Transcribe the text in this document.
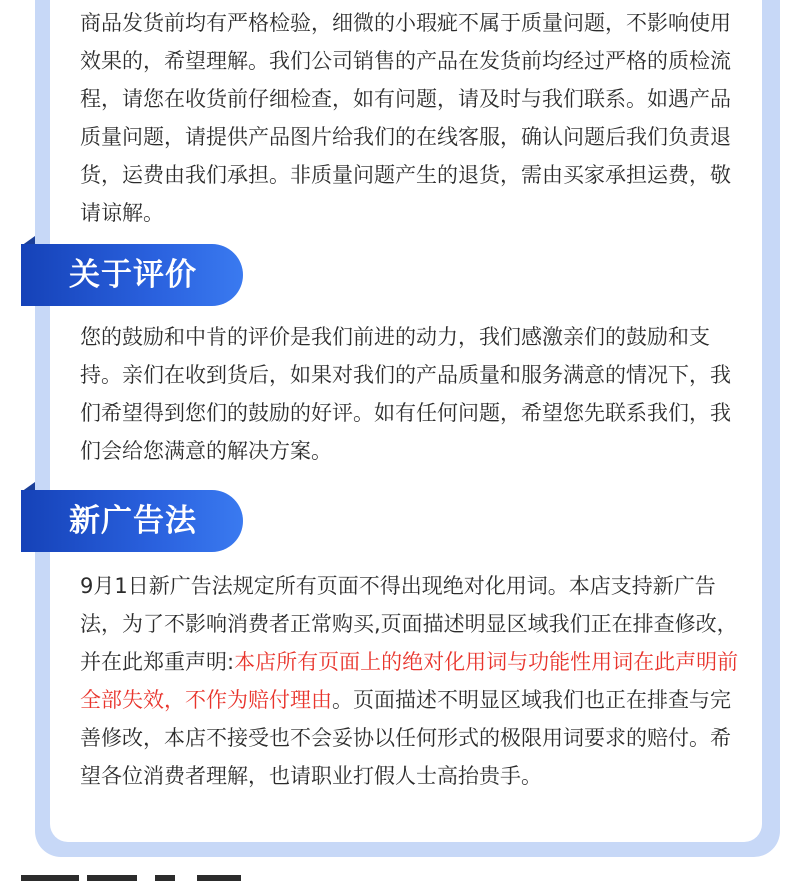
商品发货前均有严格检验，细微的小瑕疵不属于质量问题，不影响使用效果的，希望理解。我们公司销售的产品在发货前均经过严格的质检流程，请您在收货前仔细检查，如有问题，请及时与我们联系。如遇产品质量问题，请提供产品图片给我们的在线客服，确认问题后我们负责退货，运费由我们承担。非质量问题产生的退货，需由买家承担运费，敬请谅解。

关于评价

您的鼓励和中肯的评价是我们前进的动力，我们感激亲们的鼓励和支持。亲们在收到货后，如果对我们的产品质量和服务满意的情况下，我们希望得到您们的鼓励的好评。如有任何问题，希望您先联系我们，我们会给您满意的解决方案。

新广告法

9月1日新广告法规定所有页面不得出现绝对化用词。本店支持新广告法，为了不影响消费者正常购买,页面描述明显区域我们正在排查修改，并在此郑重声明:本店所有页面上的绝对化用词与功能性用词在此声明前全部失效，不作为赔付理由。页面描述不明显区域我们也正在排查与完善修改，本店不接受也不会妥协以任何形式的极限用词要求的赔付。希望各位消费者理解，也请职业打假人士高抬贵手。
